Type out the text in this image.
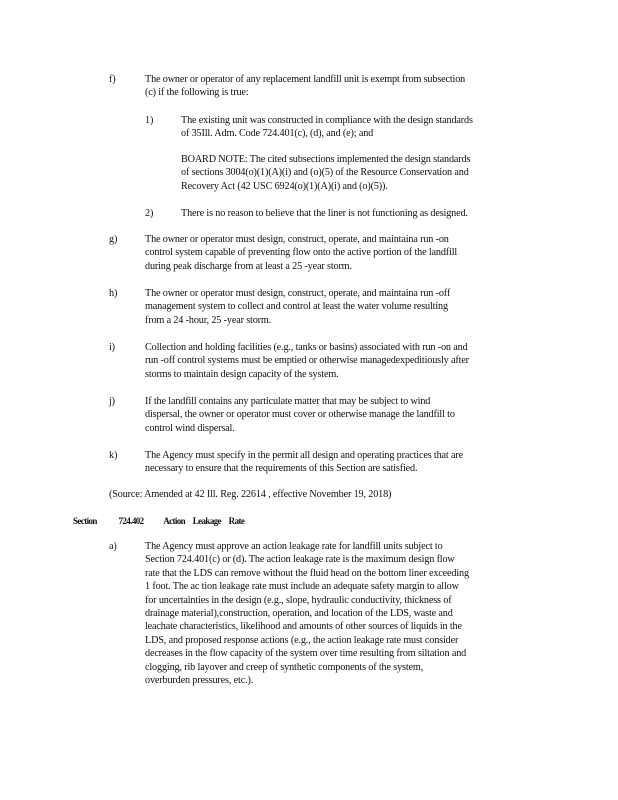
f)	The owner or operator of any replacement landfill unit is exempt from subsection
(c) if the following is true:
1)	The existing unit was constructed in compliance with the design standards
of 35Ill. Adm. Code 724.401(c), (d), and (e); and
BOARD NOTE: The cited subsections implemented the design standards
of sections 3004(o)(1)(A)(i) and (o)(5) of the Resource Conservation and
Recovery Act (42 USC 6924(o)(1)(A)(i) and (o)(5)).
2)	There is no reason to believe that the liner is not functioning as designed.
g)	The owner or operator must design, construct, operate, and maintaina run -on
control system capable of preventing flow onto the active portion of the landfill
during peak discharge from at least a 25 -year storm.
h)	The owner or operator must design, construct, operate, and maintaina run -off
management system to collect and control at least the water volume resulting
from a 24 -hour, 25 -year storm.
i)	Collection and holding facilities (e.g., tanks or basins) associated with run -on and
run -off control systems must be emptied or otherwise managedexpeditiously after
storms to maintain design capacity of the system.
j)	If the landfill contains any particulate matter that may be subject to wind
dispersal, the owner or operator must cover or otherwise manage the landfill to
control wind dispersal.
k)	The Agency must specify in the permit all design and operating practices that are
necessary to ensure that the requirements of this Section are satisfied.
(Source: Amended at 42 Ill. Reg. 22614 , effective November 19, 2018)
Section 724.402 Action Leakage Rate
a)	The Agency must approve an action leakage rate for landfill units subject to
Section 724.401(c) or (d). The action leakage rate is the maximum design flow
rate that the LDS can remove without the fluid head on the bottom liner exceeding
1 foot. The ac tion leakage rate must include an adequate safety margin to allow
for uncertainties in the design (e.g., slope, hydraulic conductivity, thickness of
drainage material),construction, operation, and location of the LDS, waste and
leachate characteristics, likelihood and amounts of other sources of liquids in the
LDS, and proposed response actions (e.g., the action leakage rate must consider
decreases in the flow capacity of the system over time resulting from siltation and
clogging, rib layover and creep of synthetic components of the system,
overburden pressures, etc.).
